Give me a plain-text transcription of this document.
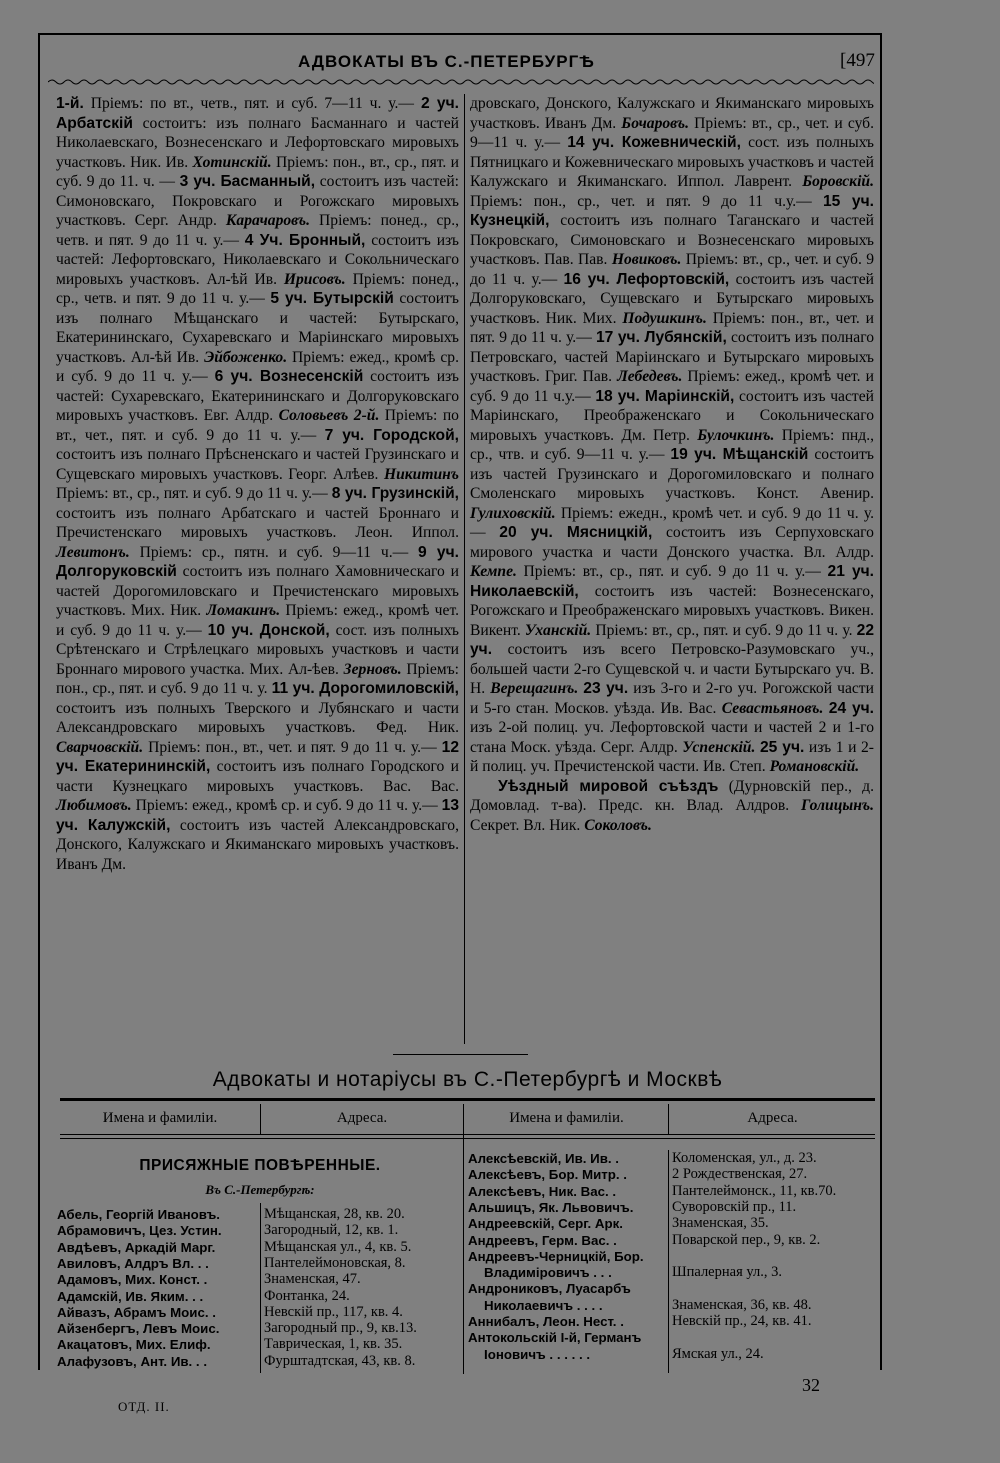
АДВОКАТЫ ВЪ С.-ПЕТЕРБУРГѢ	[497

1-й. Пріемъ: по вт., четв., пят. и суб. 7—11 ч. у.— 2 уч. Арбатскій состоитъ: изъ полнаго Басманнаго и частей Николаевскаго, Вознесенскаго и Лефортовскаго мировыхъ участковъ. Ник. Ив. Хотинскій. Пріемъ: пон., вт., ср., пят. и суб. 9 до 11. ч. — 3 уч. Басманный, состоитъ изъ частей: Симоновскаго, Покровскаго и Рогожскаго мировыхъ участковъ. Серг. Андр. Карачаровъ. Пріемъ: понед., ср., четв. и пят. 9 до 11 ч. у.— 4 Уч. Бронный, состоитъ изъ частей: Лефортовскаго, Николаевскаго и Сокольническаго мировыхъ участковъ. Ал-ѣй Ив. Ирисовъ. Пріемъ: понед., ср., четв. и пят. 9 до 11 ч. у.— 5 уч. Бутырскій состоитъ изъ полнаго Мѣщанскаго и частей: Бутырскаго, Екатерининскаго, Сухаревскаго и Маріинскаго мировыхъ участковъ. Ал-ѣй Ив. Эйбоженко. Пріемъ: ежед., кромѣ ср. и суб. 9 до 11 ч. у.— 6 уч. Вознесенскій состоитъ изъ частей: Сухаревскаго, Екатерининскаго и Долгоруковскаго мировыхъ участковъ. Евг. Алдр. Соловьевъ 2-й. Пріемъ: по вт., чет., пят. и суб. 9 до 11 ч. у.— 7 уч. Городской, состоитъ изъ полнаго Прѣсненскаго и частей Грузинскаго и Сущевскаго мировыхъ участковъ. Георг. Алѣев. Никитинъ Пріемъ: вт., ср., пят. и суб. 9 до 11 ч. у.— 8 уч. Грузинскій, состоитъ изъ полнаго Арбатскаго и частей Броннаго и Пречистенскаго мировыхъ участковъ. Леон. Иппол. Левитонъ. Пріемъ: ср., пятн. и суб. 9—11 ч.— 9 уч. Долгоруковскій состоитъ изъ полнаго Хамовническаго и частей Дорогомиловскаго и Пречистенскаго мировыхъ участковъ. Мих. Ник. Ломакинъ. Пріемъ: ежед., кромѣ чет. и суб. 9 до 11 ч. у.— 10 уч. Донской, сост. изъ полныхъ Срѣтенскаго и Стрѣлецкаго мировыхъ участковъ и части Броннаго мирового участка. Мих. Ал-ѣев. Зерновъ. Пріемъ: пон., ср., пят. и суб. 9 до 11 ч. у. 11 уч. Дорогомиловскій, состоитъ изъ полныхъ Тверского и Лубянскаго и части Александровскаго мировыхъ участковъ. Фед. Ник. Сварчовскій. Пріемъ: пон., вт., чет. и пят. 9 до 11 ч. у.— 12 уч. Екатерининскій, состоитъ изъ полнаго Городского и части Кузнецкаго мировыхъ участковъ. Вас. Вас. Любимовъ. Пріемъ: ежед., кромѣ ср. и суб. 9 до 11 ч. у.— 13 уч. Калужскій, состоитъ изъ частей Александровскаго, Донского, Калужскаго и Якиманскаго мировыхъ участковъ. Иванъ Дм.

дровскаго, Донского, Калужскаго и Якиманскаго мировыхъ участковъ. Иванъ Дм. Бочаровъ. Пріемъ: вт., ср., чет. и суб. 9—11 ч. у.— 14 уч. Кожевническій, сост. изъ полныхъ Пятницкаго и Кожевническаго мировыхъ участковъ и частей Калужскаго и Якиманскаго. Иппол. Лаврент. Боровскій. Пріемъ: пон., ср., чет. и пят. 9 до 11 ч.у.— 15 уч. Кузнецкій, состоитъ изъ полнаго Таганскаго и частей Покровскаго, Симоновскаго и Вознесенскаго мировыхъ участковъ. Пав. Пав. Новиковъ. Пріемъ: вт., ср., чет. и суб. 9 до 11 ч. у.— 16 уч. Лефортовскій, состоитъ изъ частей Долгоруковскаго, Сущевскаго и Бутырскаго мировыхъ участковъ. Ник. Мих. Подушкинъ. Пріемъ: пон., вт., чет. и пят. 9 до 11 ч. у.— 17 уч. Лубянскій, состоитъ изъ полнаго Петровскаго, частей Маріинскаго и Бутырскаго мировыхъ участковъ. Григ. Пав. Лебедевъ. Пріемъ: ежед., кромѣ чет. и суб. 9 до 11 ч.у.— 18 уч. Маріинскій, состоитъ изъ частей Маріинскаго, Преображенскаго и Сокольническаго мировыхъ участковъ. Дм. Петр. Булочкинъ. Пріемъ: пнд., ср., чтв. и суб. 9—11 ч. у.— 19 уч. Мѣщанскій состоитъ изъ частей Грузинскаго и Дорогомиловскаго и полнаго Смоленскаго мировыхъ участковъ. Конст. Авенир. Гулиховскій. Пріемъ: ежедн., кромѣ чет. и суб. 9 до 11 ч. у.— 20 уч. Мясницкій, состоитъ изъ Серпуховскаго мирового участка и части Донского участка. Вл. Алдр. Кемпе. Пріемъ: вт., ср., пят. и суб. 9 до 11 ч. у.— 21 уч. Николаевскій, состоитъ изъ частей: Вознесенскаго, Рогожскаго и Преображенскаго мировыхъ участковъ. Викен. Викент. Уханскій. Пріемъ: вт., ср., пят. и суб. 9 до 11 ч. у. 22 уч. состоитъ изъ всего Петровско-Разумовскаго уч., большей части 2-го Сущевской ч. и части Бутырскаго уч. В. Н. Верещагинъ. 23 уч. изъ 3-го и 2-го уч. Рогожской части и 5-го стан. Москов. уѣзда. Ив. Вас. Севастьяновъ. 24 уч. изъ 2-ой полиц. уч. Лефортовской части и частей 2 и 1-го стана Моск. уѣзда. Серг. Алдр. Успенскій. 25 уч. изъ 1 и 2-й полиц. уч. Пречистенской части. Ив. Степ. Романовскій.

Уѣздный мировой съѣздъ (Дурновскій пер., д. Домовлад. т-ва). Предс. кн. Влад. Алдров. Голицынъ. Секрет. Вл. Ник. Соколовъ.

Адвокаты и нотаріусы въ С.-Петербургѣ и Москвѣ
Имена и фамиліи.	Адреса.	Имена и фамиліи.	Адреса.
ПРИСЯЖНЫЕ ПОВѢРЕННЫЕ.
Въ С.-Петербургѣ:
Абель, Георгій Ивановъ.	Мѣщанская, 28, кв. 20.
Абрамовичъ, Цез. Устин.	Загородный, 12, кв. 1.
Авдѣевъ, Аркадій Марг.	Мѣщанская ул., 4, кв. 5.
Авиловъ, Алдръ Вл. . .	Пантелеймоновская, 8.
Адамовъ, Мих. Конст. .	Знаменская, 47.
Адамскій, Ив. Яким. . .	Фонтанка, 24.
Айвазъ, Абрамъ Моис. .	Невскій пр., 117, кв. 4.
Айзенбергъ, Левъ Моис.	Загородный пр., 9, кв.13.
Акацатовъ, Мих. Елиф.	Таврическая, 1, кв. 35.
Алафузовъ, Ант. Ив. . .	Фурштадтская, 43, кв. 8.
Алексѣевскій, Ив. Ив. .	Коломенская, ул., д. 23.
Алексѣевъ, Бор. Митр. .	2 Рождественская, 27.
Алексѣевъ, Ник. Вас. .	Пантелеймонск., 11, кв.70.
Альшицъ, Як. Львовичъ.	Суворовскій пр., 11.
Андреевскій, Серг. Арк.	Знаменская, 35.
Андреевъ, Герм. Вас. .	Поварской пер., 9, кв. 2.
Андреевъ-Черницкій, Бор.
Владиміровичъ . . .	Шпалерная ул., 3.
Андрониковъ, Луасарбъ
Николаевичъ . . . .	Знаменская, 36, кв. 48.
Аннибалъ, Леон. Нест. .	Невскій пр., 24, кв. 41.
Антокольскій I-й, Германъ
Іоновичъ . . . . . .	Ямская ул., 24.
32
ОТД. II.
